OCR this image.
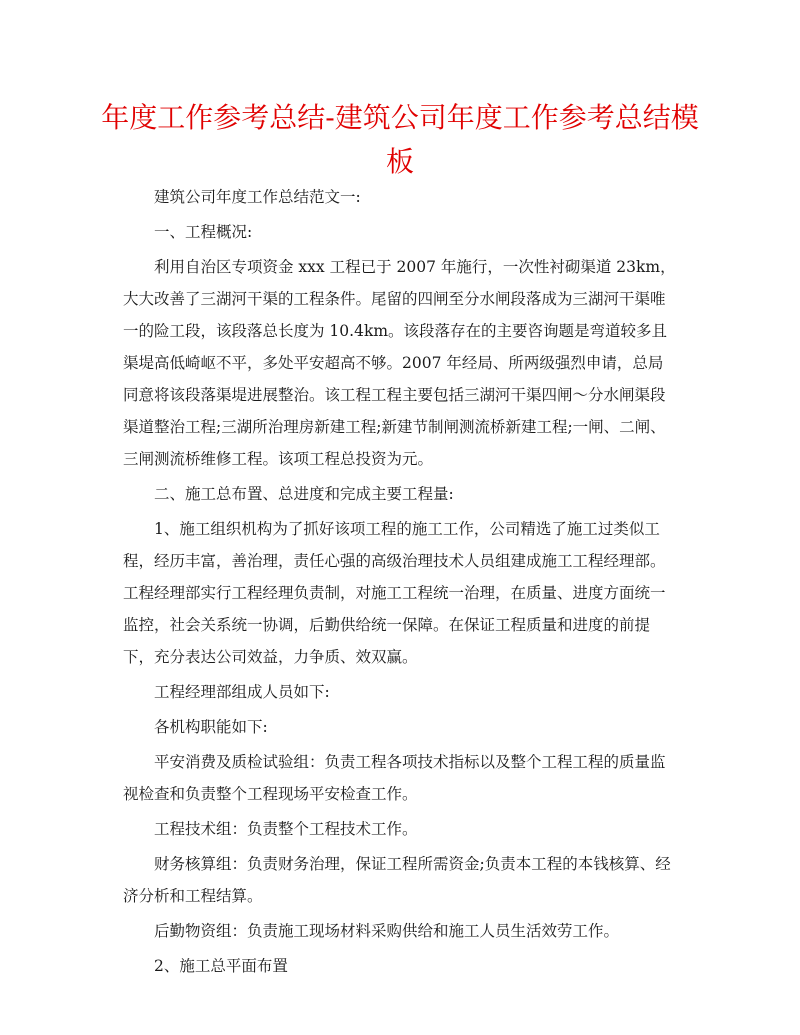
年度工作参考总结-建筑公司年度工作参考总结模板

建筑公司年度工作总结范文一:

一、工程概况:

利用自治区专项资金 xxx 工程已于 2007 年施行，一次性衬砌渠道 23km，大大改善了三湖河干渠的工程条件。尾留的四闸至分水闸段落成为三湖河干渠唯一的险工段，该段落总长度为 10.4km。该段落存在的主要咨询题是弯道较多且渠堤高低崎岖不平，多处平安超高不够。2007 年经局、所两级强烈申请，总局同意将该段落渠堤进展整治。该工程工程主要包括三湖河干渠四闸～分水闸渠段渠道整治工程;三湖所治理房新建工程;新建节制闸测流桥新建工程;一闸、二闸、三闸测流桥维修工程。该项工程总投资为元。

二、施工总布置、总进度和完成主要工程量:

1、施工组织机构为了抓好该项工程的施工工作，公司精选了施工过类似工程，经历丰富，善治理，责任心强的高级治理技术人员组建成施工工程经理部。工程经理部实行工程经理负责制，对施工工程统一治理，在质量、进度方面统一监控，社会关系统一协调，后勤供给统一保障。在保证工程质量和进度的前提下，充分表达公司效益，力争质、效双赢。

工程经理部组成人员如下:

各机构职能如下:

平安消费及质检试验组：负责工程各项技术指标以及整个工程工程的质量监视检查和负责整个工程现场平安检查工作。

工程技术组：负责整个工程技术工作。

财务核算组：负责财务治理，保证工程所需资金;负责本工程的本钱核算、经济分析和工程结算。

后勤物资组：负责施工现场材料采购供给和施工人员生活效劳工作。

2、施工总平面布置
